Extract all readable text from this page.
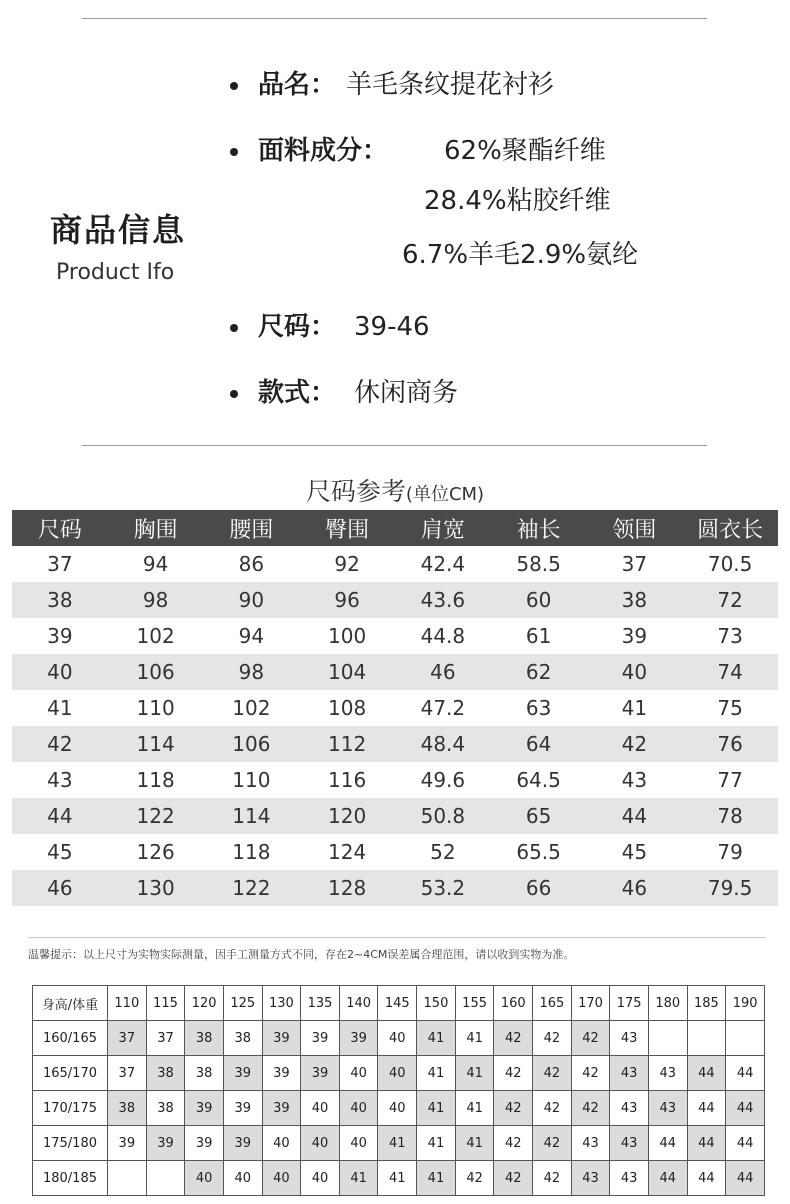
商品信息
Product Ifo
品名： 羊毛条纹提花衬衫
面料成分： 62%聚酯纤维
28.4%粘胶纤维
6.7%羊毛2.9%氨纶
尺码： 39-46
款式： 休闲商务
尺码参考(单位CM)
尺码	胸围	腰围	臀围	肩宽	袖长	领围	圆衣长
37	94	86	92	42.4	58.5	37	70.5
38	98	90	96	43.6	60	38	72
39	102	94	100	44.8	61	39	73
40	106	98	104	46	62	40	74
41	110	102	108	47.2	63	41	75
42	114	106	112	48.4	64	42	76
43	118	110	116	49.6	64.5	43	77
44	122	114	120	50.8	65	44	78
45	126	118	124	52	65.5	45	79
46	130	122	128	53.2	66	46	79.5
温馨提示：以上尺寸为实物实际测量，因手工测量方式不同，存在2~4CM误差属合理范围，请以收到实物为准。
身高/体重	110	115	120	125	130	135	140	145	150	155	160	165	170	175	180	185	190
160/165	37	37	38	38	39	39	39	40	41	41	42	42	42	43			
165/170	37	38	38	39	39	39	40	40	41	41	42	42	42	43	43	44	44
170/175	38	38	39	39	39	40	40	40	41	41	42	42	42	43	43	44	44
175/180	39	39	39	39	40	40	40	41	41	41	42	42	43	43	44	44	44
180/185			40	40	40	40	41	41	41	42	42	42	43	43	44	44	44
